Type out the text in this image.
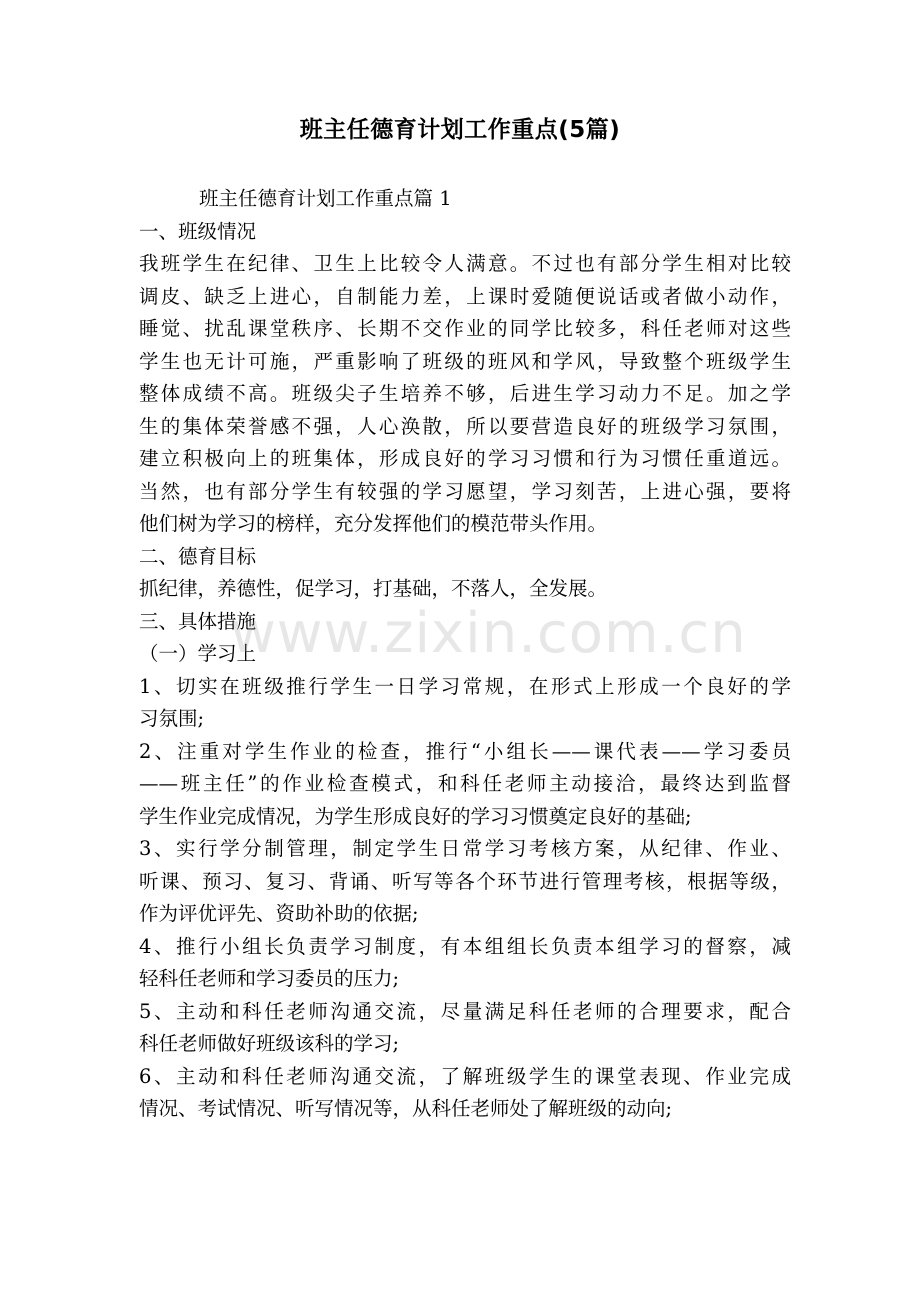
班主任德育计划工作重点(5篇)
班主任德育计划工作重点篇 1
一、班级情况
我班学生在纪律、卫生上比较令人满意。不过也有部分学生相对比较
调皮、缺乏上进心，自制能力差，上课时爱随便说话或者做小动作，
睡觉、扰乱课堂秩序、长期不交作业的同学比较多，科任老师对这些
学生也无计可施，严重影响了班级的班风和学风，导致整个班级学生
整体成绩不高。班级尖子生培养不够，后进生学习动力不足。加之学
生的集体荣誉感不强，人心涣散，所以要营造良好的班级学习氛围，
建立积极向上的班集体，形成良好的学习习惯和行为习惯任重道远。
当然，也有部分学生有较强的学习愿望，学习刻苦，上进心强，要将
他们树为学习的榜样，充分发挥他们的模范带头作用。
二、德育目标
抓纪律，养德性，促学习，打基础，不落人，全发展。
三、具体措施
（一）学习上
1、切实在班级推行学生一日学习常规，在形式上形成一个良好的学
习氛围;
2、注重对学生作业的检查，推行“小组长——课代表——学习委员
——班主任”的作业检查模式，和科任老师主动接洽，最终达到监督
学生作业完成情况，为学生形成良好的学习习惯奠定良好的基础;
3、实行学分制管理，制定学生日常学习考核方案，从纪律、作业、
听课、预习、复习、背诵、听写等各个环节进行管理考核，根据等级，
作为评优评先、资助补助的依据;
4、推行小组长负责学习制度，有本组组长负责本组学习的督察，减
轻科任老师和学习委员的压力;
5、主动和科任老师沟通交流，尽量满足科任老师的合理要求，配合
科任老师做好班级该科的学习;
6、主动和科任老师沟通交流，了解班级学生的课堂表现、作业完成
情况、考试情况、听写情况等，从科任老师处了解班级的动向;
www.zixin.com.cn
